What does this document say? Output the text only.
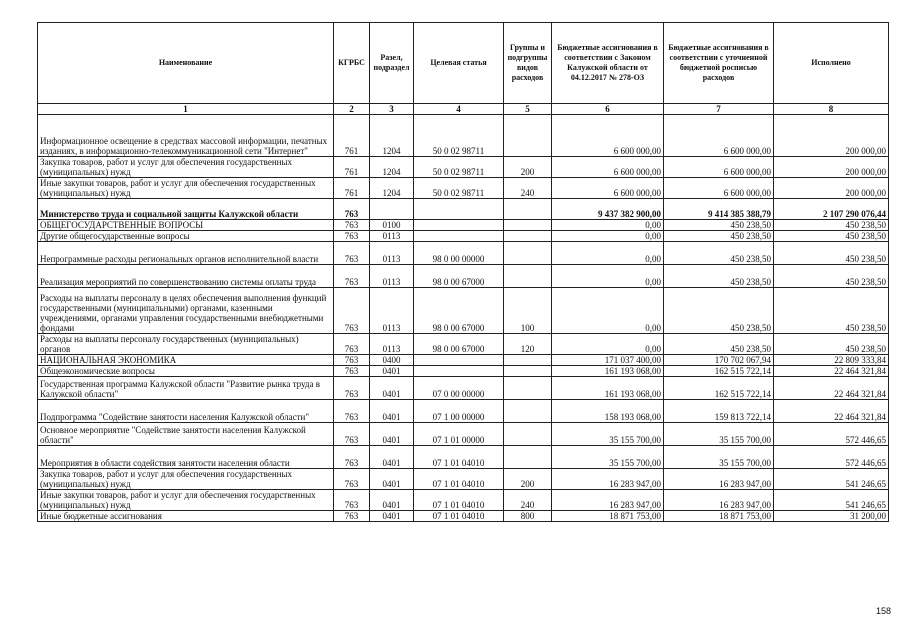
Наименование	КГРБС	Разел, подраздел	Целевая статья	Группы и подгруппы видов расходов	Бюджетные ассигнования в соответствии с Законом Калужской области от 04.12.2017 № 278-ОЗ	Бюджетные ассигнования в соответствии с уточненной бюджетной росписью расходов	Исполнено
1	2	3	4	5	6	7	8
Информационное освещение в средствах массовой информации, печатных изданиях, в информационно-телекоммуникационной сети "Интернет"	761	1204	50 0 02 98711		6 600 000,00	6 600 000,00	200 000,00
Закупка товаров, работ и услуг для обеспечения государственных (муниципальных) нужд	761	1204	50 0 02 98711	200	6 600 000,00	6 600 000,00	200 000,00
Иные закупки товаров, работ и услуг для обеспечения государственных (муниципальных) нужд	761	1204	50 0 02 98711	240	6 600 000,00	6 600 000,00	200 000,00
Министерство труда и социальной защиты Калужской области	763				9 437 382 900,00	9 414 385 388,79	2 107 290 076,44
ОБЩЕГОСУДАРСТВЕННЫЕ ВОПРОСЫ	763	0100			0,00	450 238,50	450 238,50
Другие общегосударственные вопросы	763	0113			0,00	450 238,50	450 238,50
Непрограммные расходы региональных органов исполнительной власти	763	0113	98 0 00 00000		0,00	450 238,50	450 238,50
Реализация мероприятий по совершенствованию системы оплаты труда	763	0113	98 0 00 67000		0,00	450 238,50	450 238,50
Расходы на выплаты персоналу в целях обеспечения выполнения функций государственными (муниципальными) органами, казенными учреждениями, органами управления государственными внебюджетными фондами	763	0113	98 0 00 67000	100	0,00	450 238,50	450 238,50
Расходы на выплаты персоналу государственных (муниципальных) органов	763	0113	98 0 00 67000	120	0,00	450 238,50	450 238,50
НАЦИОНАЛЬНАЯ ЭКОНОМИКА	763	0400			171 037 400,00	170 702 067,94	22 809 333,84
Общеэкономические вопросы	763	0401			161 193 068,00	162 515 722,14	22 464 321,84
Государственная программа Калужской области "Развитие рынка труда в Калужской области"	763	0401	07 0 00 00000		161 193 068,00	162 515 722,14	22 464 321,84
Подпрограмма "Содействие занятости населения Калужской области"	763	0401	07 1 00 00000		158 193 068,00	159 813 722,14	22 464 321,84
Основное мероприятие "Содействие занятости населения Калужской области"	763	0401	07 1 01 00000		35 155 700,00	35 155 700,00	572 446,65
Мероприятия в области содействия занятости населения области	763	0401	07 1 01 04010		35 155 700,00	35 155 700,00	572 446,65
Закупка товаров, работ и услуг для обеспечения государственных (муниципальных) нужд	763	0401	07 1 01 04010	200	16 283 947,00	16 283 947,00	541 246,65
Иные закупки товаров, работ и услуг для обеспечения государственных (муниципальных) нужд	763	0401	07 1 01 04010	240	16 283 947,00	16 283 947,00	541 246,65
Иные бюджетные ассигнования	763	0401	07 1 01 04010	800	18 871 753,00	18 871 753,00	31 200,00
158
